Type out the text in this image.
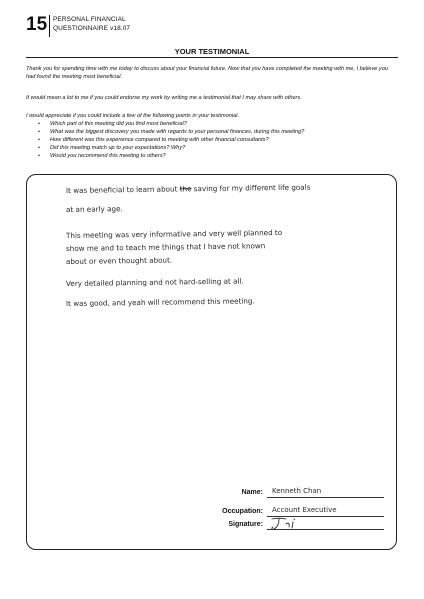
15 PERSONAL FINANCIAL
QUESTIONNAIRE v18.07
YOUR TESTIMONIAL

Thank you for spending time with me today to discuss about your financial future. Now that you have completed the meeting with me, I believe you had found the meeting most beneficial.

It would mean a lot to me if you could endorse my work by writing me a testimonial that I may share with others.

I would appreciate if you could include a few of the following points in your testimonial.

• Which part of this meeting did you find most beneficial?
• What was the biggest discovery you made with regards to your personal finances, during this meeting?
• How different was this experience compared to meeting with other financial consultants?
• Did this meeting match up to your expectations? Why?
• Would you recommend this meeting to others?
It was beneficial to learn about the saving for my different life goals
at an early age.
This meeting was very informative and very well planned to
show me and to teach me things that I have not known
about or even thought about.
Very detailed planning and not hard-selling at all.
It was good, and yeah will recommend this meeting.
Name: Kenneth Chan
Occupation: Account Executive
Signature:
